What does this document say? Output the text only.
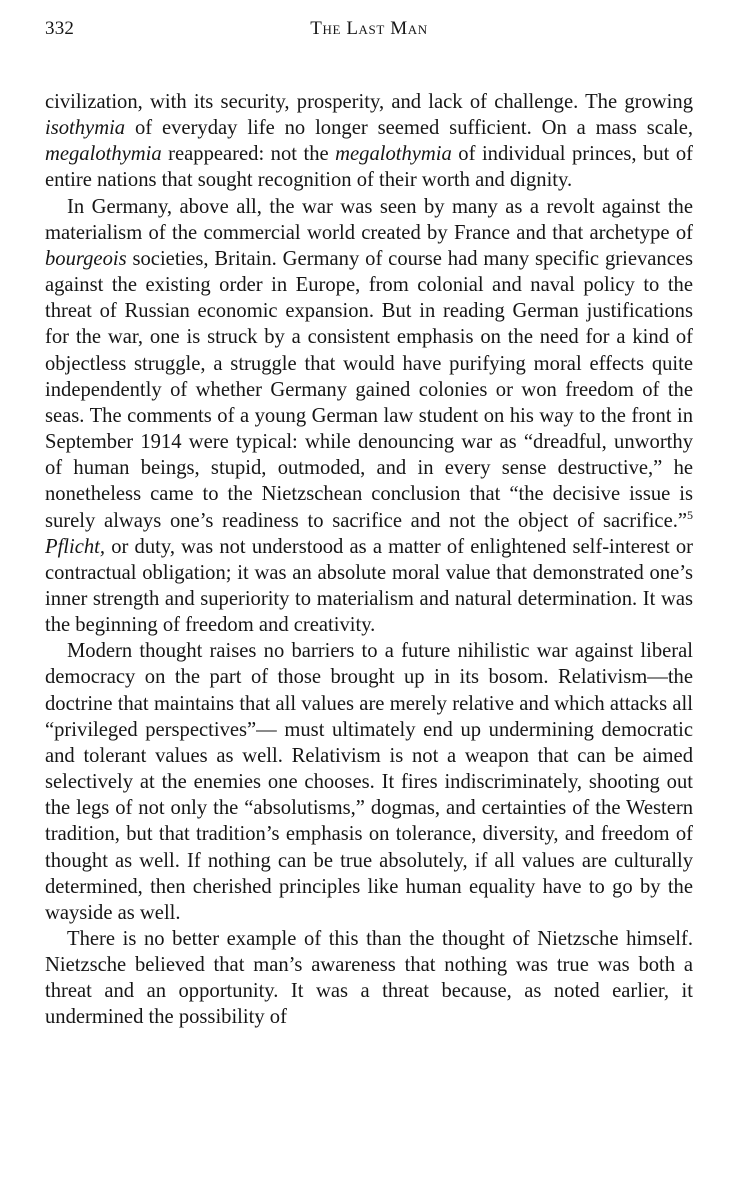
332	The Last Man

civilization, with its security, prosperity, and lack of challenge. The growing isothymia of everyday life no longer seemed sufficient. On a mass scale, megalothymia reappeared: not the megalothymia of individual princes, but of entire nations that sought recognition of their worth and dignity.

In Germany, above all, the war was seen by many as a revolt against the materialism of the commercial world created by France and that archetype of bourgeois societies, Britain. Germany of course had many specific grievances against the existing order in Europe, from colonial and naval policy to the threat of Russian economic expansion. But in reading German justifications for the war, one is struck by a consistent emphasis on the need for a kind of objectless struggle, a struggle that would have purifying moral effects quite independently of whether Germany gained colonies or won freedom of the seas. The comments of a young German law student on his way to the front in September 1914 were typical: while denouncing war as “dreadful, unworthy of human beings, stupid, outmoded, and in every sense destructive,” he nonetheless came to the Nietzschean conclusion that “the decisive issue is surely always one’s readiness to sacrifice and not the object of sacrifice.”$^5$ Pflicht, or duty, was not understood as a matter of enlightened self-interest or contractual obligation; it was an absolute moral value that demonstrated one’s inner strength and superiority to materialism and natural determination. It was the beginning of freedom and creativity.

Modern thought raises no barriers to a future nihilistic war against liberal democracy on the part of those brought up in its bosom. Relativism—the doctrine that maintains that all values are merely relative and which attacks all “privileged perspectives”— must ultimately end up undermining democratic and tolerant values as well. Relativism is not a weapon that can be aimed selectively at the enemies one chooses. It fires indiscriminately, shooting out the legs of not only the “absolutisms,” dogmas, and certainties of the Western tradition, but that tradition’s emphasis on tolerance, diversity, and freedom of thought as well. If nothing can be true absolutely, if all values are culturally determined, then cherished principles like human equality have to go by the wayside as well.

There is no better example of this than the thought of Nietzsche himself. Nietzsche believed that man’s awareness that nothing was true was both a threat and an opportunity. It was a threat because, as noted earlier, it undermined the possibility of
